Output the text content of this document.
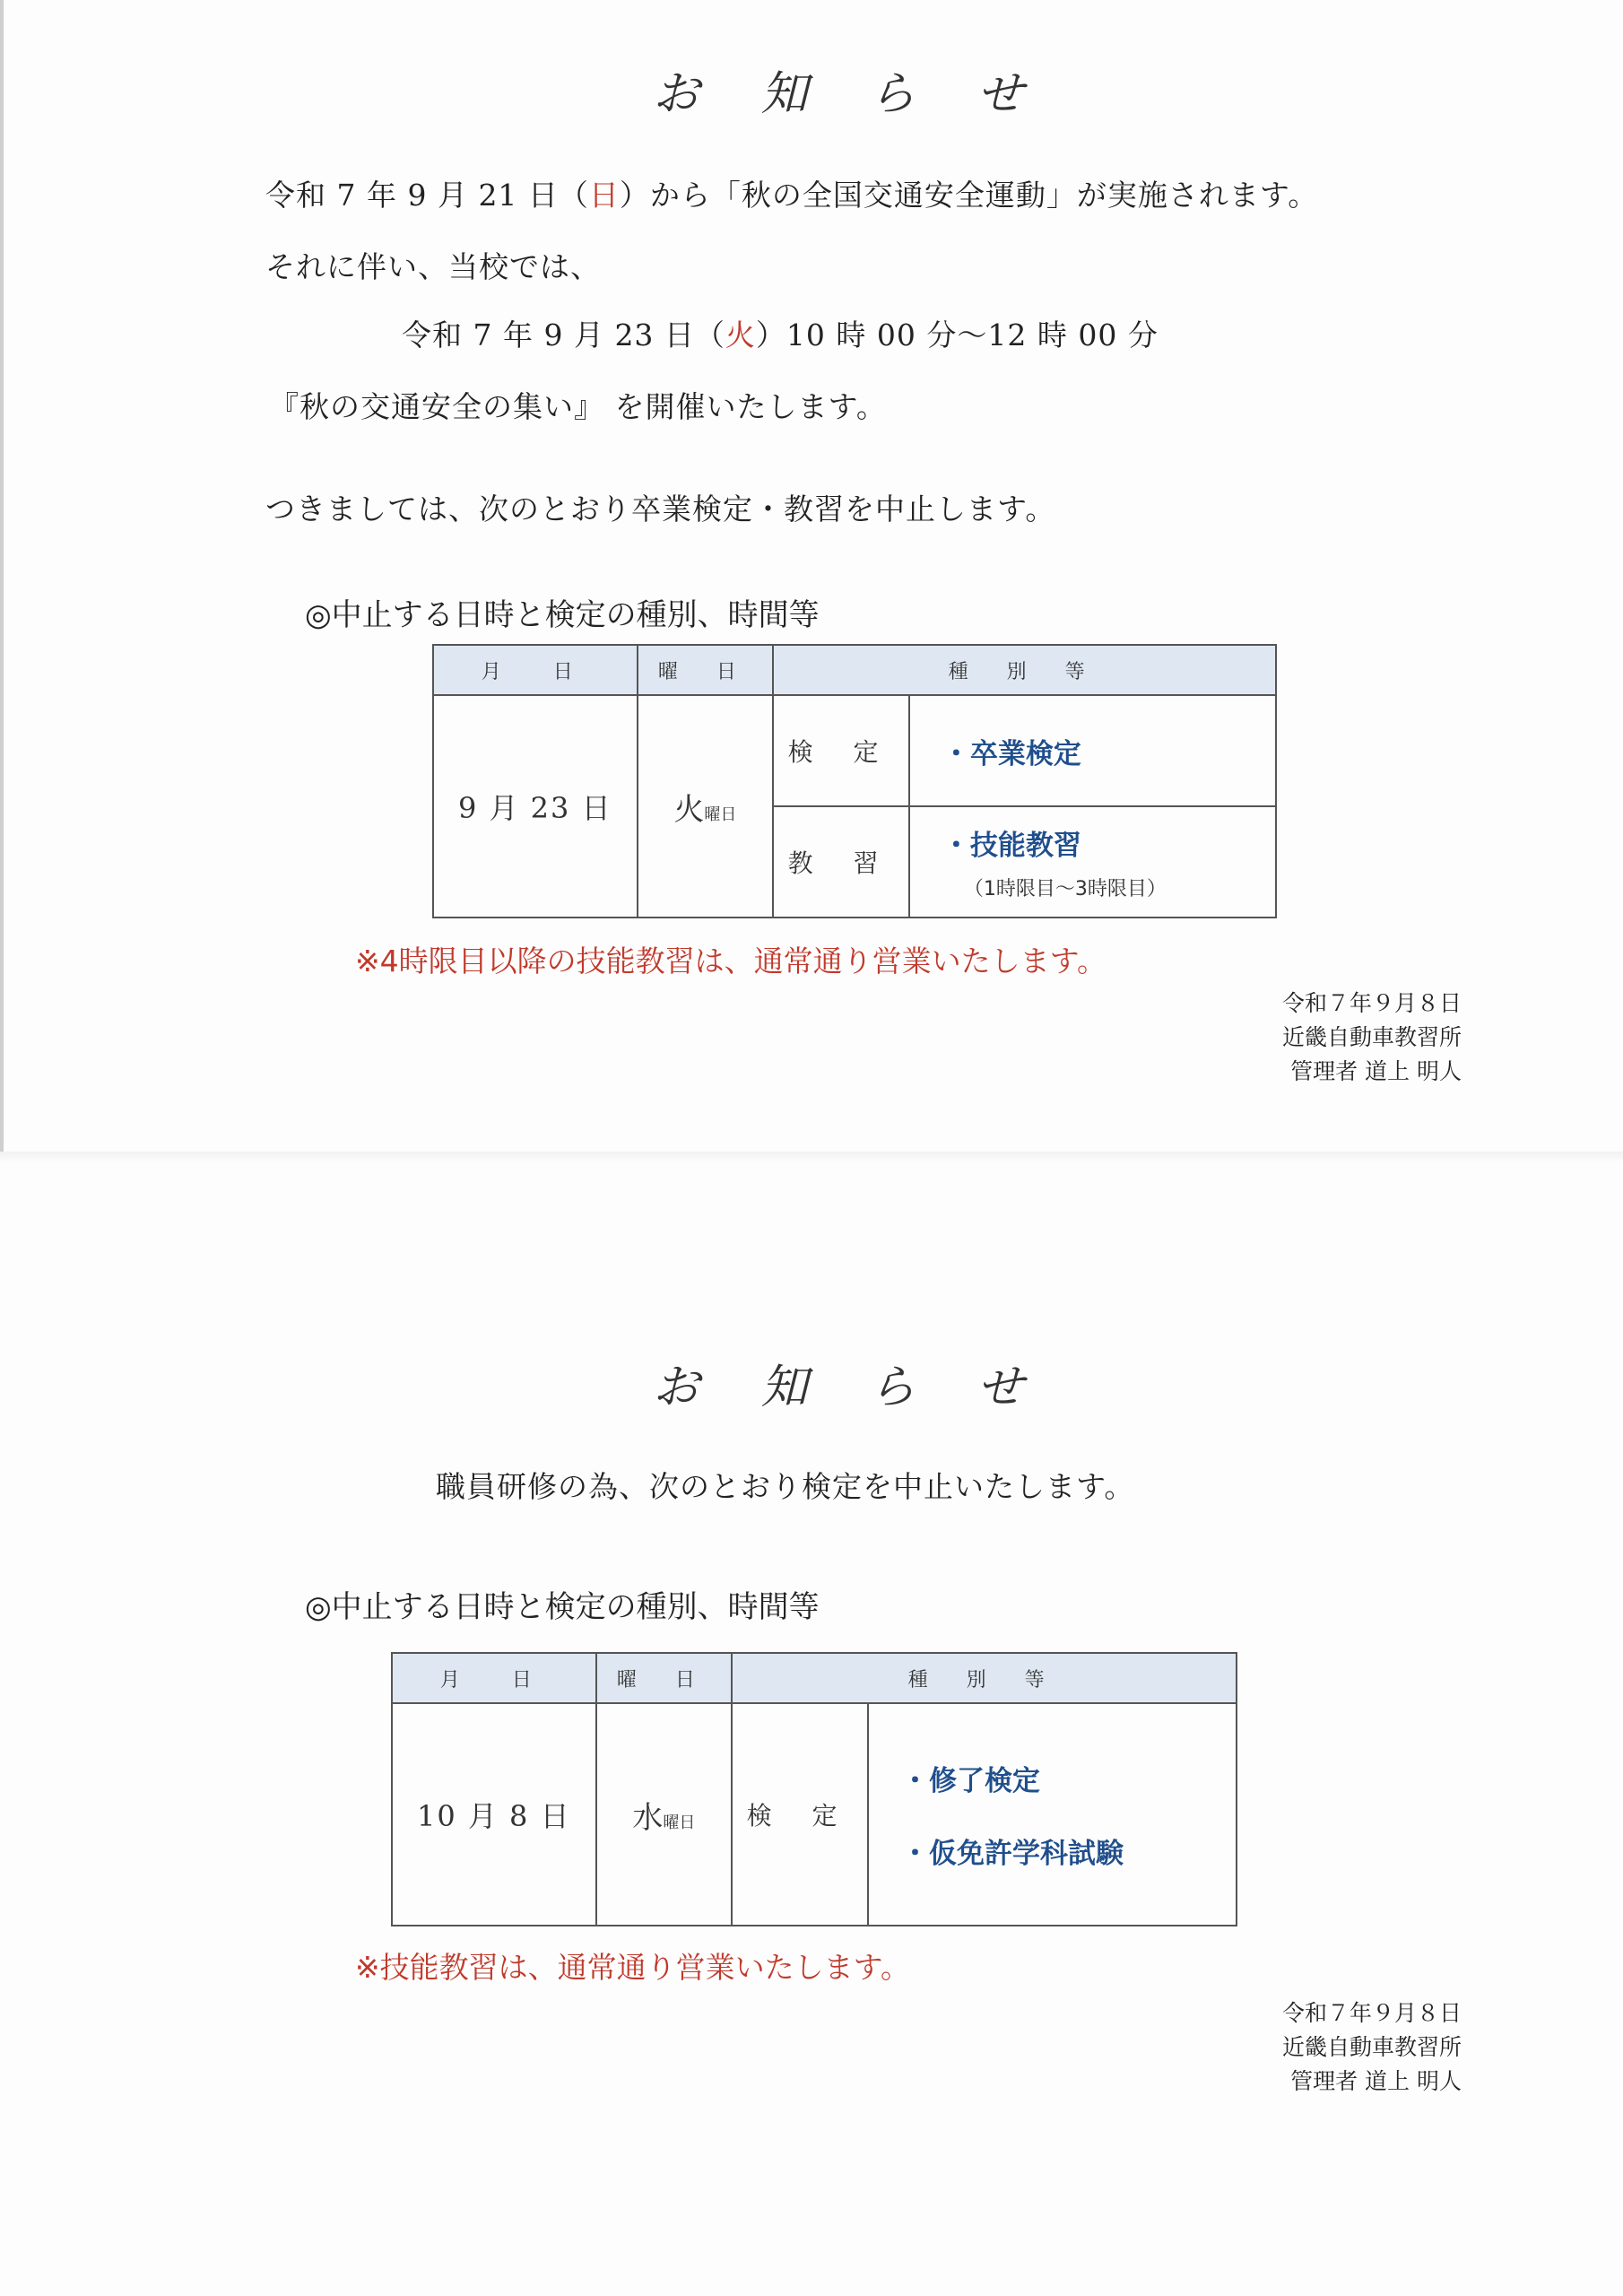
お 知 ら せ
令和 7 年 9 月 21 日（日）から「秋の全国交通安全運動」が実施されます。
それに伴い、当校では、
令和 7 年 9 月 23 日（火）10 時 00 分～12 時 00 分
『秋の交通安全の集い』 を開催いたします。
つきましては、次のとおり卒業検定・教習を中止します。
◎中止する日時と検定の種別、時間等
月　日	曜 日	種 別 等	
9 月 23 日	火曜日	検 定	・卒業検定

		教 習	・技能教習
（1時限目～3時限目）
※4時限目以降の技能教習は、通常通り営業いたします。
令和７年９月８日
近畿自動車教習所
管理者 道上 明人
お 知 ら せ
職員研修の為、次のとおり検定を中止いたします。
◎中止する日時と検定の種別、時間等
月　日	曜 日	種 別 等	
10 月 8 日	水曜日	検 定	・修了検定
・仮免許学科試験
※技能教習は、通常通り営業いたします。
令和７年９月８日
近畿自動車教習所
管理者 道上 明人
